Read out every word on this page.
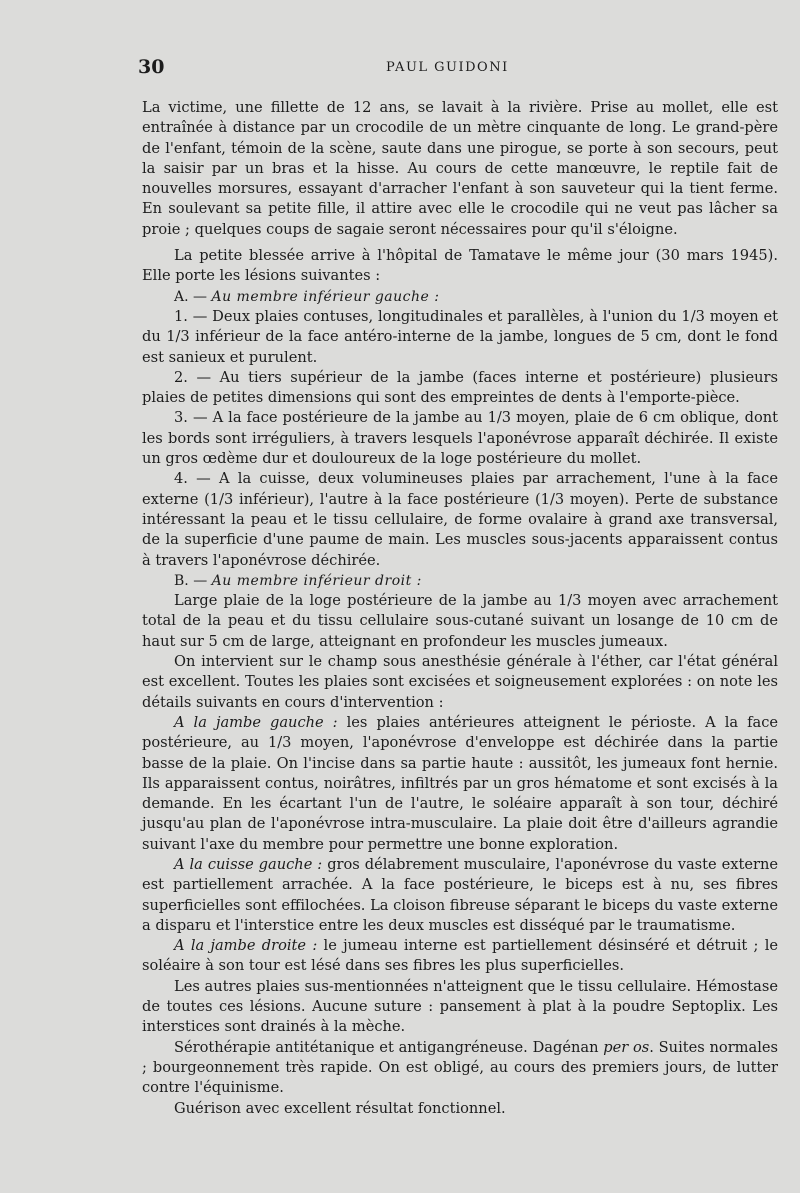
30	PAUL GUIDONI

La victime, une fillette de 12 ans, se lavait à la rivière. Prise au mollet, elle est entraînée à distance par un crocodile de un mètre cinquante de long. Le grand-père de l'enfant, témoin de la scène, saute dans une pirogue, se porte à son secours, peut la saisir par un bras et la hisse. Au cours de cette manœuvre, le reptile fait de nouvelles morsures, essayant d'arracher l'enfant à son sauveteur qui la tient ferme. En soulevant sa petite fille, il attire avec elle le crocodile qui ne veut pas lâcher sa proie ; quelques coups de sagaie seront nécessaires pour qu'il s'éloigne.

La petite blessée arrive à l'hôpital de Tamatave le même jour (30 mars 1945). Elle porte les lésions suivantes :

A. — Au membre inférieur gauche :

1. — Deux plaies contuses, longitudinales et parallèles, à l'union du 1/3 moyen et du 1/3 inférieur de la face antéro-interne de la jambe, longues de 5 cm, dont le fond est sanieux et purulent.

2. — Au tiers supérieur de la jambe (faces interne et postérieure) plusieurs plaies de petites dimensions qui sont des empreintes de dents à l'emporte-pièce.

3. — A la face postérieure de la jambe au 1/3 moyen, plaie de 6 cm oblique, dont les bords sont irréguliers, à travers lesquels l'aponévrose apparaît déchirée. Il existe un gros œdème dur et douloureux de la loge postérieure du mollet.

4. — A la cuisse, deux volumineuses plaies par arrachement, l'une à la face externe (1/3 inférieur), l'autre à la face postérieure (1/3 moyen). Perte de substance intéressant la peau et le tissu cellulaire, de forme ovalaire à grand axe transversal, de la superficie d'une paume de main. Les muscles sous-jacents apparaissent contus à travers l'aponévrose déchirée.

B. — Au membre inférieur droit :

Large plaie de la loge postérieure de la jambe au 1/3 moyen avec arrachement total de la peau et du tissu cellulaire sous-cutané suivant un losange de 10 cm de haut sur 5 cm de large, atteignant en profondeur les muscles jumeaux.

On intervient sur le champ sous anesthésie générale à l'éther, car l'état général est excellent. Toutes les plaies sont excisées et soigneusement explorées : on note les détails suivants en cours d'intervention :

A la jambe gauche : les plaies antérieures atteignent le périoste. A la face postérieure, au 1/3 moyen, l'aponévrose d'enveloppe est déchirée dans la partie basse de la plaie. On l'incise dans sa partie haute : aussitôt, les jumeaux font hernie. Ils apparaissent contus, noirâtres, infiltrés par un gros hématome et sont excisés à la demande. En les écartant l'un de l'autre, le soléaire apparaît à son tour, déchiré jusqu'au plan de l'aponévrose intra-musculaire. La plaie doit être d'ailleurs agrandie suivant l'axe du membre pour permettre une bonne exploration.

A la cuisse gauche : gros délabrement musculaire, l'aponévrose du vaste externe est partiellement arrachée. A la face postérieure, le biceps est à nu, ses fibres superficielles sont effilochées. La cloison fibreuse séparant le biceps du vaste externe a disparu et l'interstice entre les deux muscles est disséqué par le traumatisme.

A la jambe droite : le jumeau interne est partiellement désinséré et détruit ; le soléaire à son tour est lésé dans ses fibres les plus superficielles.

Les autres plaies sus-mentionnées n'atteignent que le tissu cellulaire. Hémostase de toutes ces lésions. Aucune suture : pansement à plat à la poudre Septoplix. Les interstices sont drainés à la mèche.

Sérothérapie antitétanique et antigangréneuse. Dagénan per os. Suites normales ; bourgeonnement très rapide. On est obligé, au cours des premiers jours, de lutter contre l'équinisme.

Guérison avec excellent résultat fonctionnel.
